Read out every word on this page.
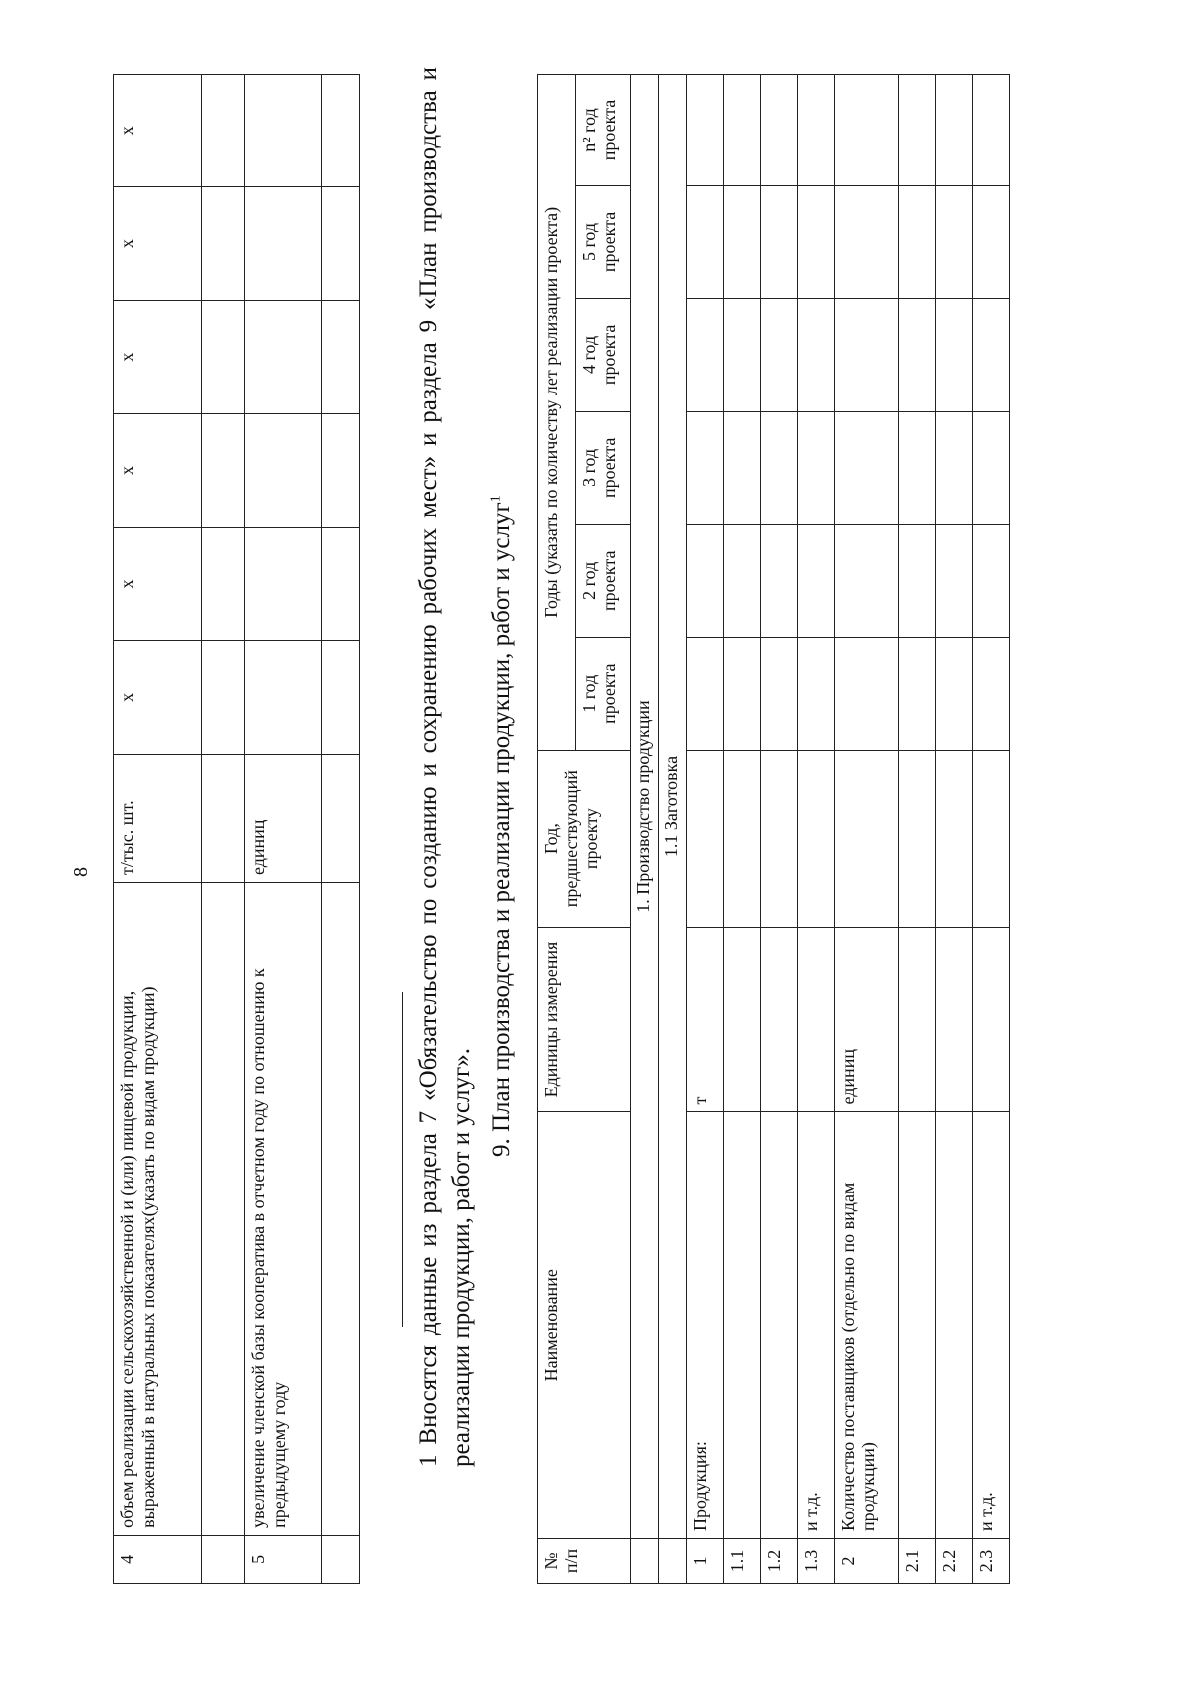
8
4	объем реализации сельскохозяйственной и (или) пищевой продукции, выраженный в натуральных показателях(указать по видам продукции)	т/тыс. шт.	x	x	x	x	x	x

5	увеличение членской базы кооператива в отчетном году по отношению к предыдущему году	единиц						
									1 Вносятся данные из раздела 7 «Обязательство по созданию и сохранению рабочих мест» и раздела 9 «План производства и реализации продукции, работ и услуг».
9. План производства и реализации продукции, работ и услуг$^1$
№ п/п	Наименование	Единицы измерения	Год, предшествующий проекту	Годы (указать по количеству лет реализации проекта)					
				1 год проекта	2 год проекта	3 год проекта	4 год проекта	5 год проекта	n² год проекта
	1. Производство продукции								
	1.1 Заготовка								
1	Продукция:	т							
1.1									
1.2									
1.3	и т.д.								
2	Количество поставщиков (отдельно по видам продукции)	единиц							
2.1									
2.2									
2.3	и т.д.								
